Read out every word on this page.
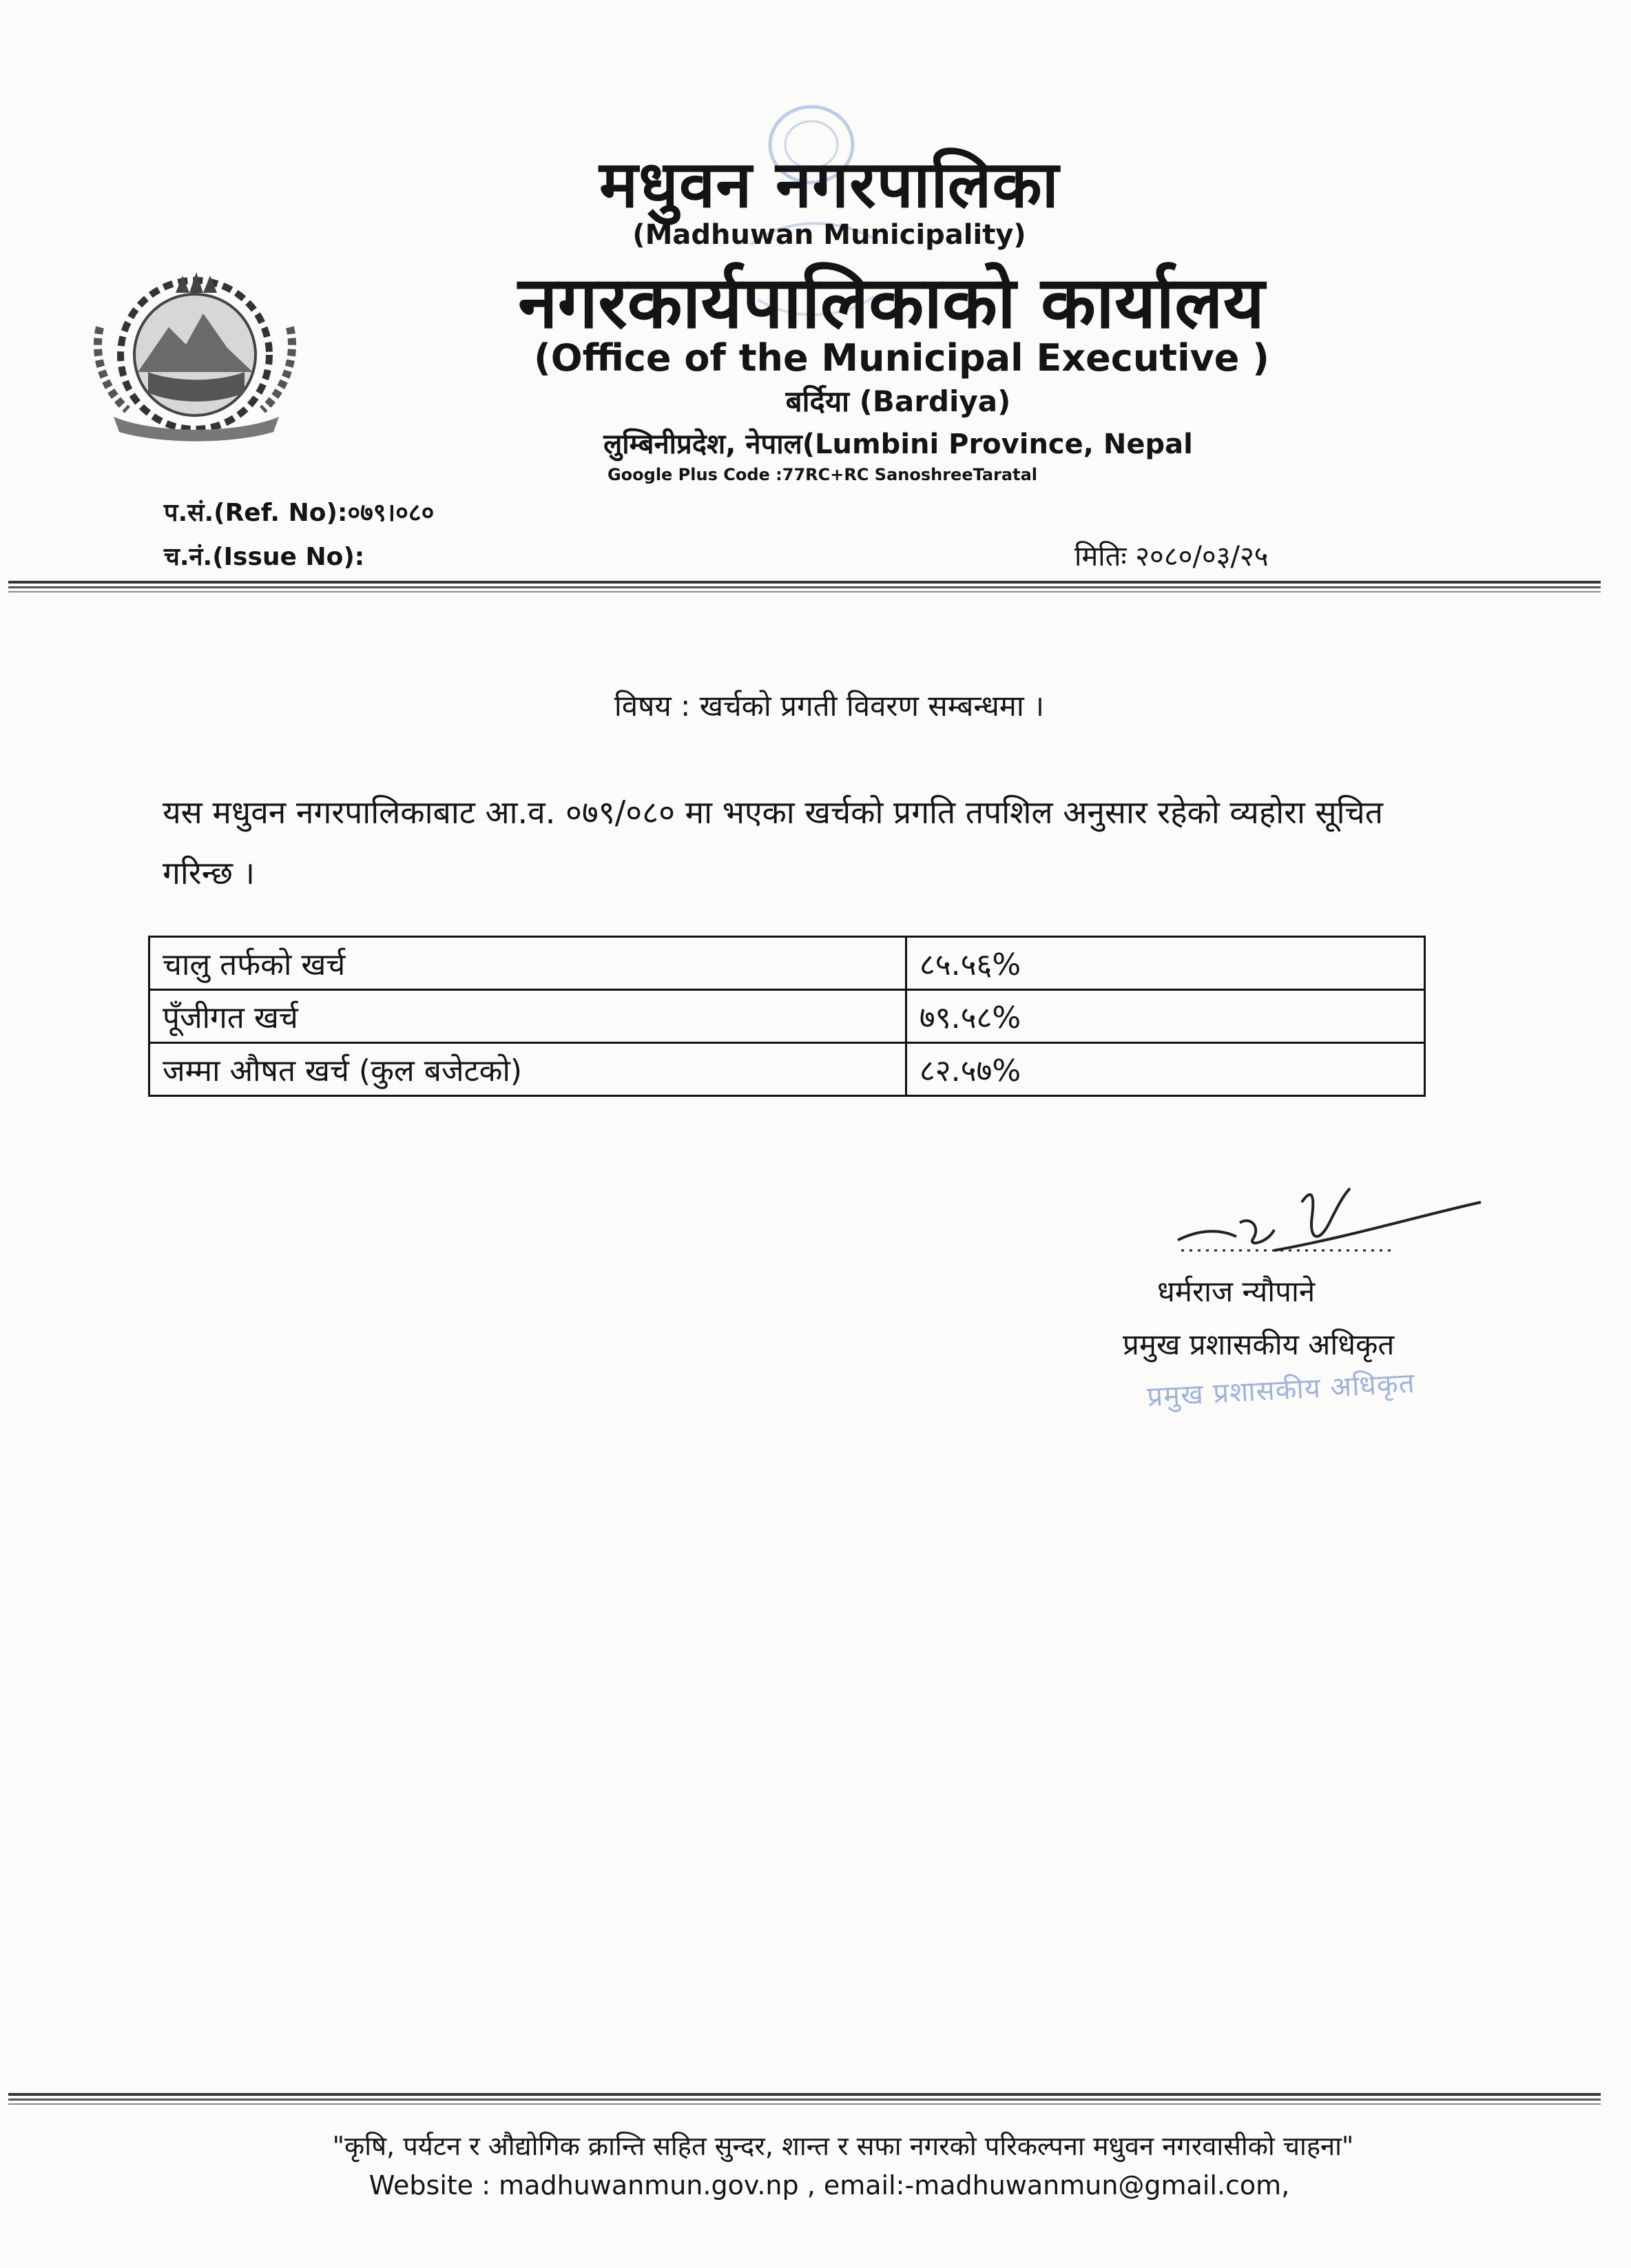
मधुवन नगरपालिका
(Madhuwan Municipality)
नगरकार्यपालिकाको कार्यालय
(Office of the Municipal Executive )
बर्दिया (Bardiya)
लुम्बिनीप्रदेश, नेपाल(Lumbini Province, Nepal
Google Plus Code :77RC+RC SanoshreeTaratal
प.सं.(Ref. No):०७९।०८०
च.नं.(Issue No):	मितिः २०८०/०३/२५
विषय : खर्चको प्रगती विवरण सम्बन्धमा ।
यस मधुवन नगरपालिकाबाट आ.व. ०७९/०८० मा भएका खर्चको प्रगति तपशिल अनुसार रहेको व्यहोरा सूचित गरिन्छ ।
चालु तर्फको खर्च	८५.५६%
पूँजीगत खर्च	७९.५८%
जम्मा औषत खर्च (कुल बजेटको)	८२.५७%
धर्मराज न्यौपाने
प्रमुख प्रशासकीय अधिकृत
प्रमुख प्रशासकीय अधिकृत
"कृषि, पर्यटन र औद्योगिक क्रान्ति सहित सुन्दर, शान्त र सफा नगरको परिकल्पना मधुवन नगरवासीको चाहना"
Website : madhuwanmun.gov.np , email:-madhuwanmun@gmail.com,
